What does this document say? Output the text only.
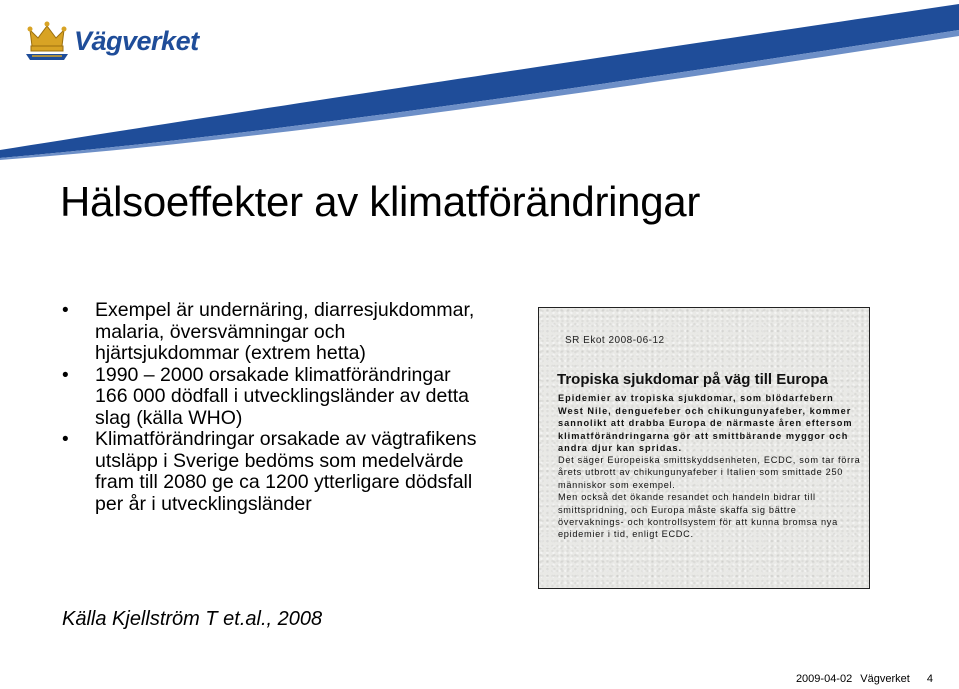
Vägverket
Hälsoeffekter av klimatförändringar
• Exempel är undernäring, diarresjukdommar, malaria, översvämningar och hjärtsjukdommar (extrem hetta)
• 1990 – 2000 orsakade klimatförändringar 166 000 dödfall i utvecklingsländer av detta slag (källa WHO)
• Klimatförändringar orsakade av vägtrafikens utsläpp i Sverige bedöms som medelvärde fram till 2080 ge ca 1200 ytterligare dödsfall per år i utvecklingsländer
Källa Kjellström T et.al., 2008
SR Ekot 2008-06-12
Tropiska sjukdomar på väg till Europa
Epidemier av tropiska sjukdomar, som blödarfebern West Nile, denguefeber och chikungunyafeber, kommer sannolikt att drabba Europa de närmaste åren eftersom klimatförändringarna gör att smittbärande myggor och andra djur kan spridas.

Det säger Europeiska smittskyddsenheten, ECDC, som tar förra årets utbrott av chikungunyafeber i Italien som smittade 250 människor som exempel.

Men också det ökande resandet och handeln bidrar till smittspridning, och Europa måste skaffa sig bättre övervaknings- och kontrollsystem för att kunna bromsa nya epidemier i tid, enligt ECDC.

2009-04-02 Vägverket 4
